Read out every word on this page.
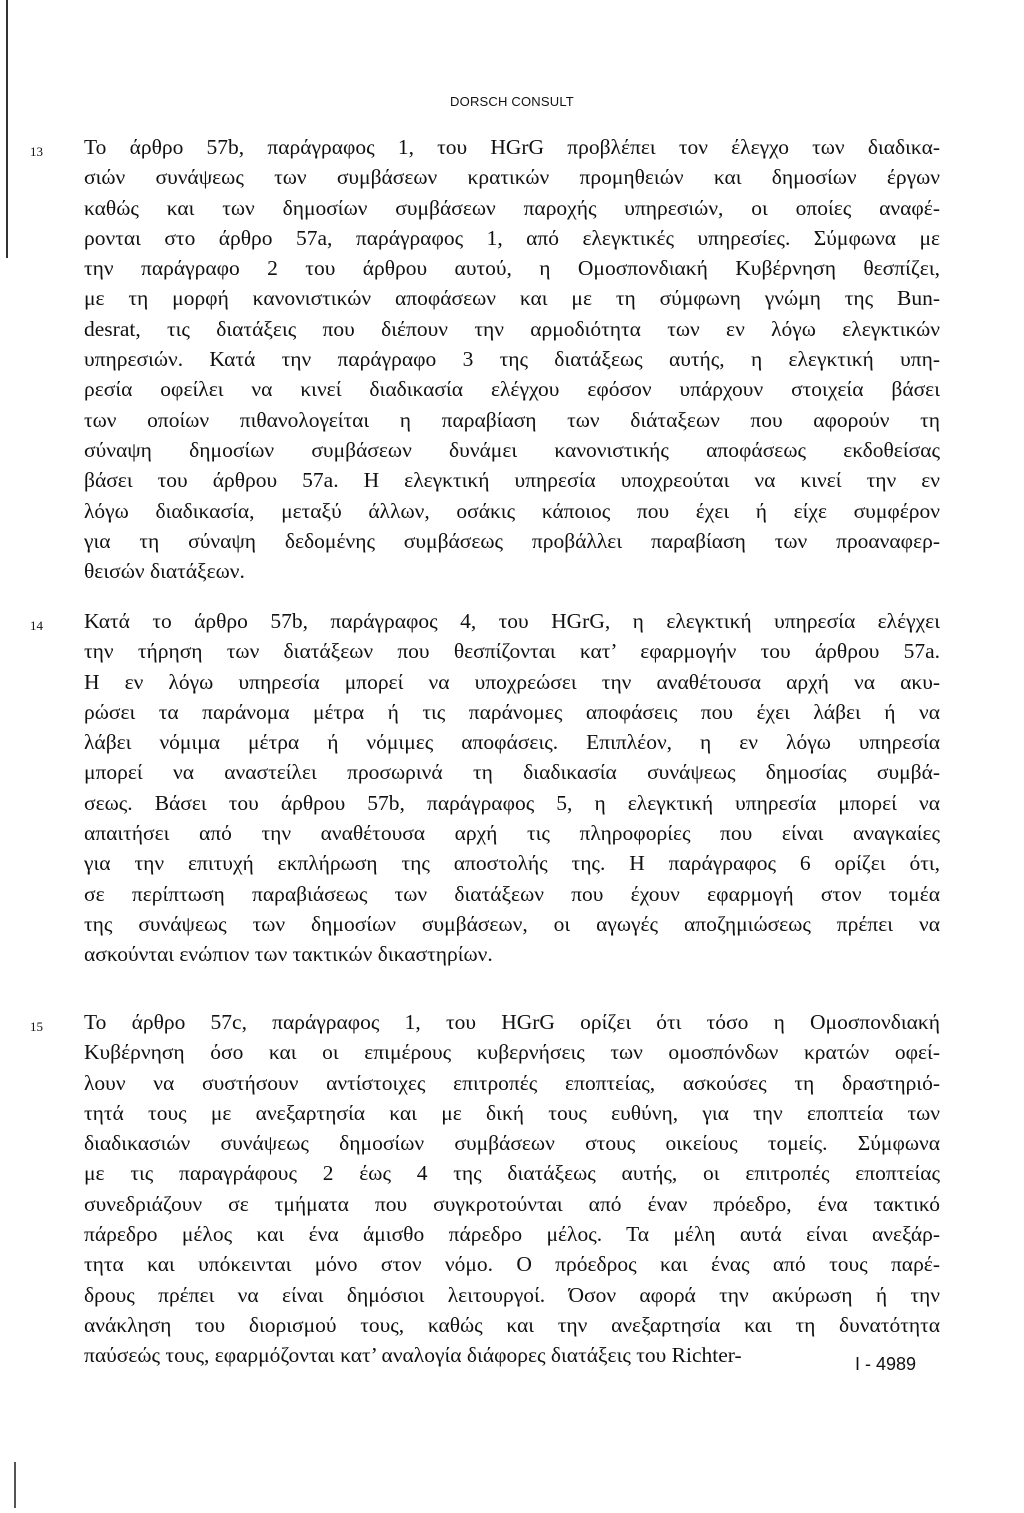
DORSCH CONSULT
13 Το άρθρο 57b, παράγραφος 1, του HGrG προβλέπει τον έλεγχο των διαδικα-
σιών συνάψεως των συμβάσεων κρατικών προμηθειών και δημοσίων έργων
καθώς και των δημοσίων συμβάσεων παροχής υπηρεσιών, οι οποίες αναφέ-
ρονται στο άρθρο 57a, παράγραφος 1, από ελεγκτικές υπηρεσίες. Σύμφωνα με
την παράγραφο 2 του άρθρου αυτού, η Ομοσπονδιακή Κυβέρνηση θεσπίζει,
με τη μορφή κανονιστικών αποφάσεων και με τη σύμφωνη γνώμη της Bun-
desrat, τις διατάξεις που διέπουν την αρμοδιότητα των εν λόγω ελεγκτικών
υπηρεσιών. Κατά την παράγραφο 3 της διατάξεως αυτής, η ελεγκτική υπη-
ρεσία οφείλει να κινεί διαδικασία ελέγχου εφόσον υπάρχουν στοιχεία βάσει
των οποίων πιθανολογείται η παραβίαση των διάταξεων που αφορούν τη
σύναψη δημοσίων συμβάσεων δυνάμει κανονιστικής αποφάσεως εκδοθείσας
βάσει του άρθρου 57a. Η ελεγκτική υπηρεσία υποχρεούται να κινεί την εν
λόγω διαδικασία, μεταξύ άλλων, οσάκις κάποιος που έχει ή είχε συμφέρον
για τη σύναψη δεδομένης συμβάσεως προβάλλει παραβίαση των προαναφερ-
θεισών διατάξεων.
14 Κατά το άρθρο 57b, παράγραφος 4, του HGrG, η ελεγκτική υπηρεσία ελέγχει
την τήρηση των διατάξεων που θεσπίζονται κατ’ εφαρμογήν του άρθρου 57a.
Η εν λόγω υπηρεσία μπορεί να υποχρεώσει την αναθέτουσα αρχή να ακυ-
ρώσει τα παράνομα μέτρα ή τις παράνομες αποφάσεις που έχει λάβει ή να
λάβει νόμιμα μέτρα ή νόμιμες αποφάσεις. Επιπλέον, η εν λόγω υπηρεσία
μπορεί να αναστείλει προσωρινά τη διαδικασία συνάψεως δημοσίας συμβά-
σεως. Βάσει του άρθρου 57b, παράγραφος 5, η ελεγκτική υπηρεσία μπορεί να
απαιτήσει από την αναθέτουσα αρχή τις πληροφορίες που είναι αναγκαίες
για την επιτυχή εκπλήρωση της αποστολής της. Η παράγραφος 6 ορίζει ότι,
σε περίπτωση παραβιάσεως των διατάξεων που έχουν εφαρμογή στον τομέα
της συνάψεως των δημοσίων συμβάσεων, οι αγωγές αποζημιώσεως πρέπει να
ασκούνται ενώπιον των τακτικών δικαστηρίων.
15 Το άρθρο 57c, παράγραφος 1, του HGrG ορίζει ότι τόσο η Ομοσπονδιακή
Κυβέρνηση όσο και οι επιμέρους κυβερνήσεις των ομοσπόνδων κρατών οφεί-
λουν να συστήσουν αντίστοιχες επιτροπές εποπτείας, ασκούσες τη δραστηριό-
τητά τους με ανεξαρτησία και με δική τους ευθύνη, για την εποπτεία των
διαδικασιών συνάψεως δημοσίων συμβάσεων στους οικείους τομείς. Σύμφωνα
με τις παραγράφους 2 έως 4 της διατάξεως αυτής, οι επιτροπές εποπτείας
συνεδριάζουν σε τμήματα που συγκροτούνται από έναν πρόεδρο, ένα τακτικό
πάρεδρο μέλος και ένα άμισθο πάρεδρο μέλος. Τα μέλη αυτά είναι ανεξάρ-
τητα και υπόκεινται μόνο στον νόμο. Ο πρόεδρος και ένας από τους παρέ-
δρους πρέπει να είναι δημόσιοι λειτουργοί. Όσον αφορά την ακύρωση ή την
ανάκληση του διορισμού τους, καθώς και την ανεξαρτησία και τη δυνατότητα
παύσεώς τους, εφαρμόζονται κατ’ αναλογία διάφορες διατάξεις του Richter-	I - 4989
